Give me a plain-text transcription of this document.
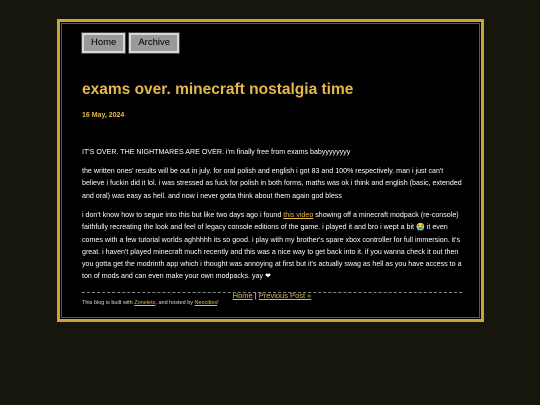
Home	Archive
exams over. minecraft nostalgia time
16 May, 2024

IT'S OVER. THE NIGHTMARES ARE OVER. i'm finally free from exams babyyyyyyyy

the written ones' results will be out in july. for oral polish and english i got 83 and 100% respectively. man i just can't believe i fuckin did it lol. i was stressed as fuck for polish in both forms, maths was ok i think and english (basic, extended and oral) was easy as hell. and now i never gotta think about them again god bless

i don't know how to segue into this but like two days ago i found this video showing off a minecraft modpack (re-console) faithfully recreating the look and feel of legacy console editions of the game. i played it and bro i wept a bit 😭 it even comes with a few tutorial worlds aghhhhh its so good. i play with my brother's spare xbox controller for full immersion. it's great. i haven't played minecraft much recently and this was a nice way to get back into it. if you wanna check it out then you gotta get the modrinth app which i thought was annoying at first but it's actually swag as hell as you have access to a ton of mods and can even make your own modpacks. yay ❤

Home | Previous Post »
This blog is built with Zonelets, and hosted by Neocities!
